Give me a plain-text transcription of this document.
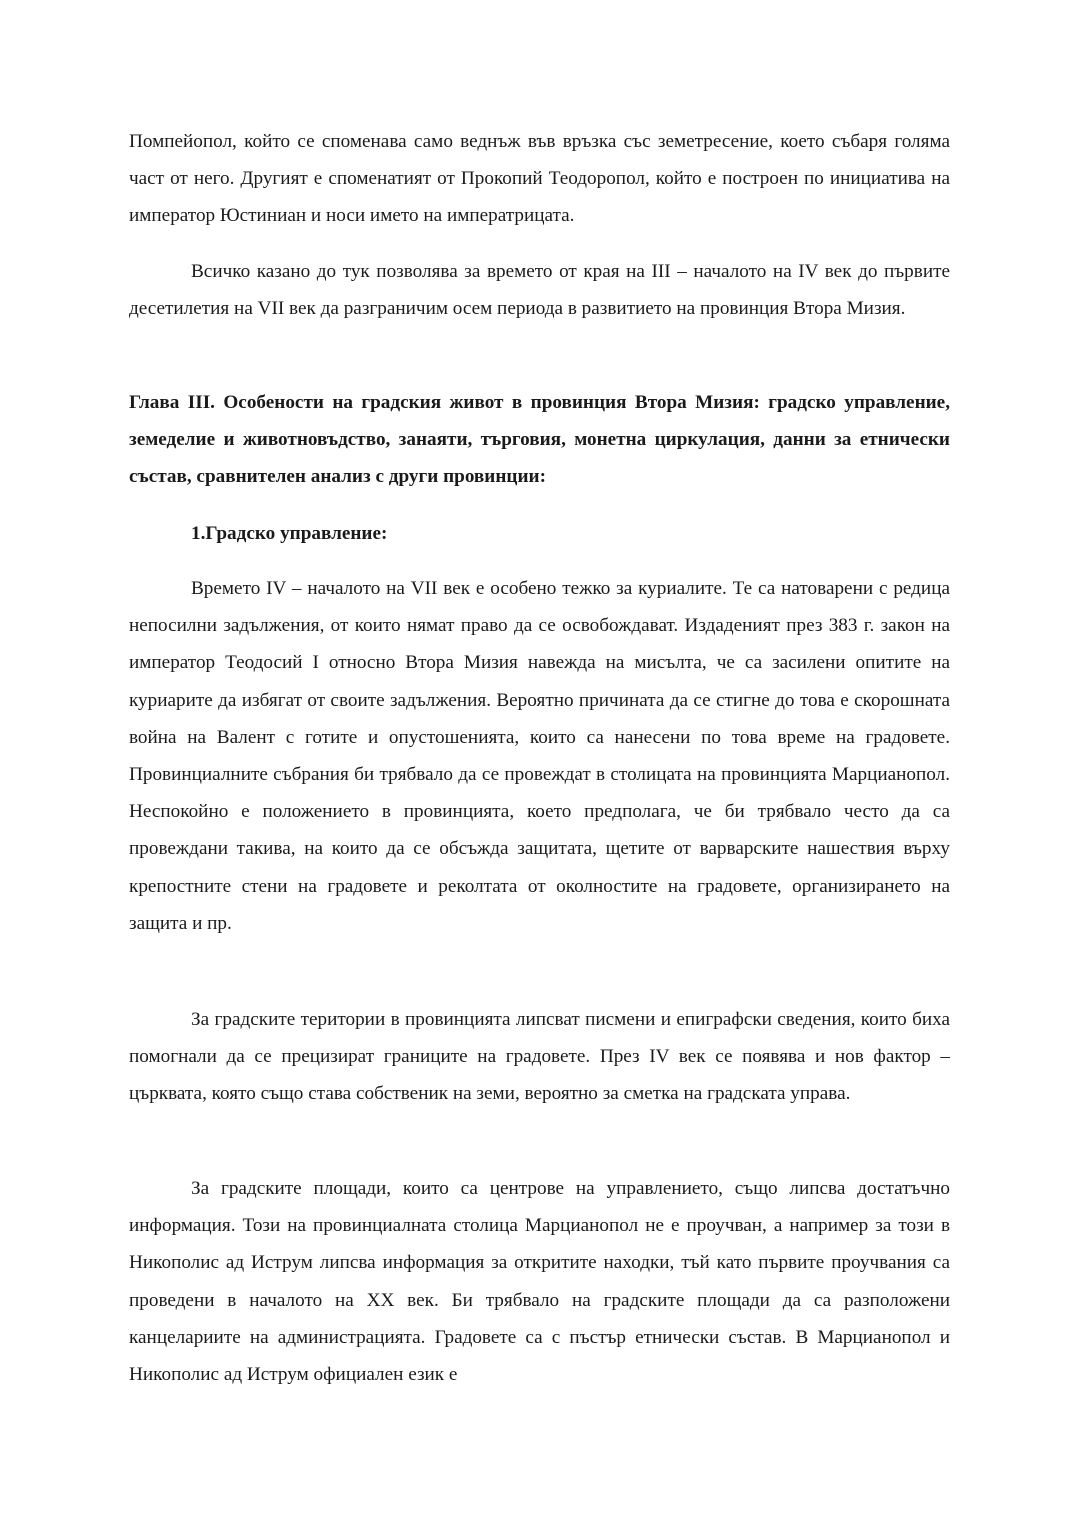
Помпейопол, който се споменава само веднъж във връзка със земетресение, което събаря голяма част от него. Другият е споменатият от Прокопий Теодоропол, който е построен по инициатива на император Юстиниан и носи името на императрицата.

Всичко казано до тук позволява за времето от края на III – началото на IV век до първите десетилетия на VII век да разграничим осем периода в развитието на провинция Втора Мизия.

Глава III. Особености на градския живот в провинция Втора Мизия: градско управление, земеделие и животновъдство, занаяти, търговия, монетна циркулация, данни за етнически състав, сравнителен анализ с други провинции:

1.Градско управление:

Времето IV – началото на VII век е особено тежко за куриалите. Те са натоварени с редица непосилни задължения, от които нямат право да се освобождават. Издаденият през 383 г. закон на император Теодосий I относно Втора Мизия навежда на мисълта, че са засилени опитите на куриарите да избягат от своите задължения. Вероятно причината да се стигне до това е скорошната война на Валент с готите и опустошенията, които са нанесени по това време на градовете. Провинциалните събрания би трябвало да се провеждат в столицата на провинцията Марцианопол. Неспокойно е положението в провинцията, което предполага, че би трябвало често да са провеждани такива, на които да се обсъжда защитата, щетите от варварските нашествия върху крепостните стени на градовете и реколтата от околностите на градовете, организирането на защита и пр.

За градските територии в провинцията липсват писмени и епиграфски сведения, които биха помогнали да се прецизират границите на градовете. През IV век се появява и нов фактор – църквата, която също става собственик на земи, вероятно за сметка на градската управа.

За градските площади, които са центрове на управлението, също липсва достатъчно информация. Този на провинциалната столица Марцианопол не е проучван, а например за този в Никополис ад Иструм липсва информация за откритите находки, тъй като първите проучвания са проведени в началото на XX век. Би трябвало на градските площади да са разположени канцелариите на администрацията. Градовете са с пъстър етнически състав. В Марцианопол и Никополис ад Иструм официален език е
